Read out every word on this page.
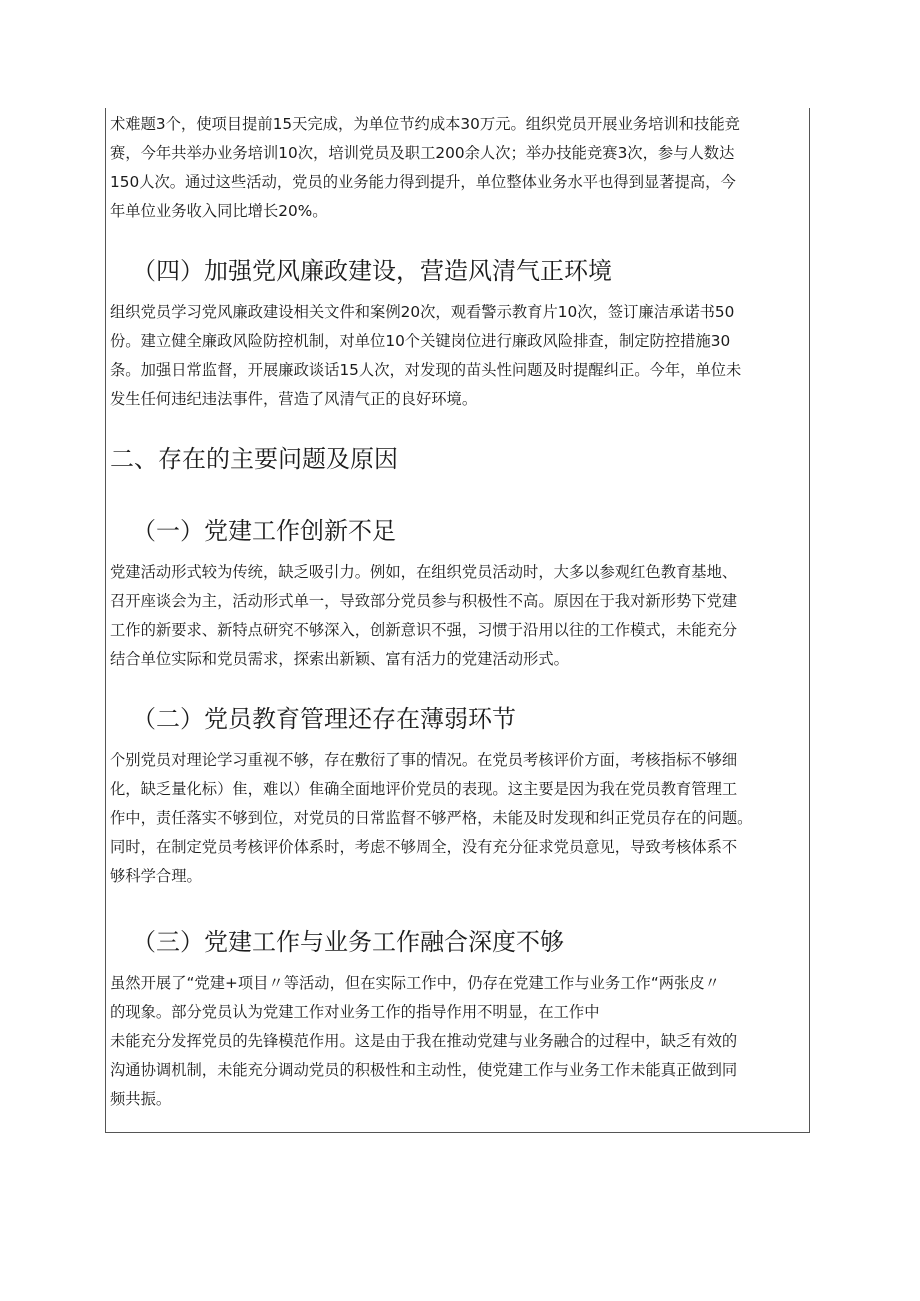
术难题3个，使项目提前15天完成，为单位节约成本30万元。组织党员开展业务培训和技能竞
赛，今年共举办业务培训10次，培训党员及职工200余人次；举办技能竞赛3次，参与人数达
150人次。通过这些活动，党员的业务能力得到提升，单位整体业务水平也得到显著提高，今
年单位业务收入同比增长20%。

（四）加强党风廉政建设，营造风清气正环境

组织党员学习党风廉政建设相关文件和案例20次，观看警示教育片10次，签订廉洁承诺书50
份。建立健全廉政风险防控机制，对单位10个关键岗位进行廉政风险排查，制定防控措施30
条。加强日常监督，开展廉政谈话15人次，对发现的苗头性问题及时提醒纠正。今年，单位未
发生任何违纪违法事件，营造了风清气正的良好环境。

二、存在的主要问题及原因
（一）党建工作创新不足

党建活动形式较为传统，缺乏吸引力。例如，在组织党员活动时，大多以参观红色教育基地、
召开座谈会为主，活动形式单一，导致部分党员参与积极性不高。原因在于我对新形势下党建
工作的新要求、新特点研究不够深入，创新意识不强，习惯于沿用以往的工作模式，未能充分
结合单位实际和党员需求，探索出新颖、富有活力的党建活动形式。

（二）党员教育管理还存在薄弱环节

个别党员对理论学习重视不够，存在敷衍了事的情况。在党员考核评价方面，考核指标不够细
化，缺乏量化标）隹，难以）隹确全面地评价党员的表现。这主要是因为我在党员教育管理工
作中，责任落实不够到位，对党员的日常监督不够严格，未能及时发现和纠正党员存在的问题。
同时，在制定党员考核评价体系时，考虑不够周全，没有充分征求党员意见，导致考核体系不
够科学合理。

（三）党建工作与业务工作融合深度不够

虽然开展了“党建+项目〃等活动，但在实际工作中，仍存在党建工作与业务工作“两张皮〃
的现象。部分党员认为党建工作对业务工作的指导作用不明显，在工作中
未能充分发挥党员的先锋模范作用。这是由于我在推动党建与业务融合的过程中，缺乏有效的
沟通协调机制，未能充分调动党员的积极性和主动性，使党建工作与业务工作未能真正做到同
频共振。
